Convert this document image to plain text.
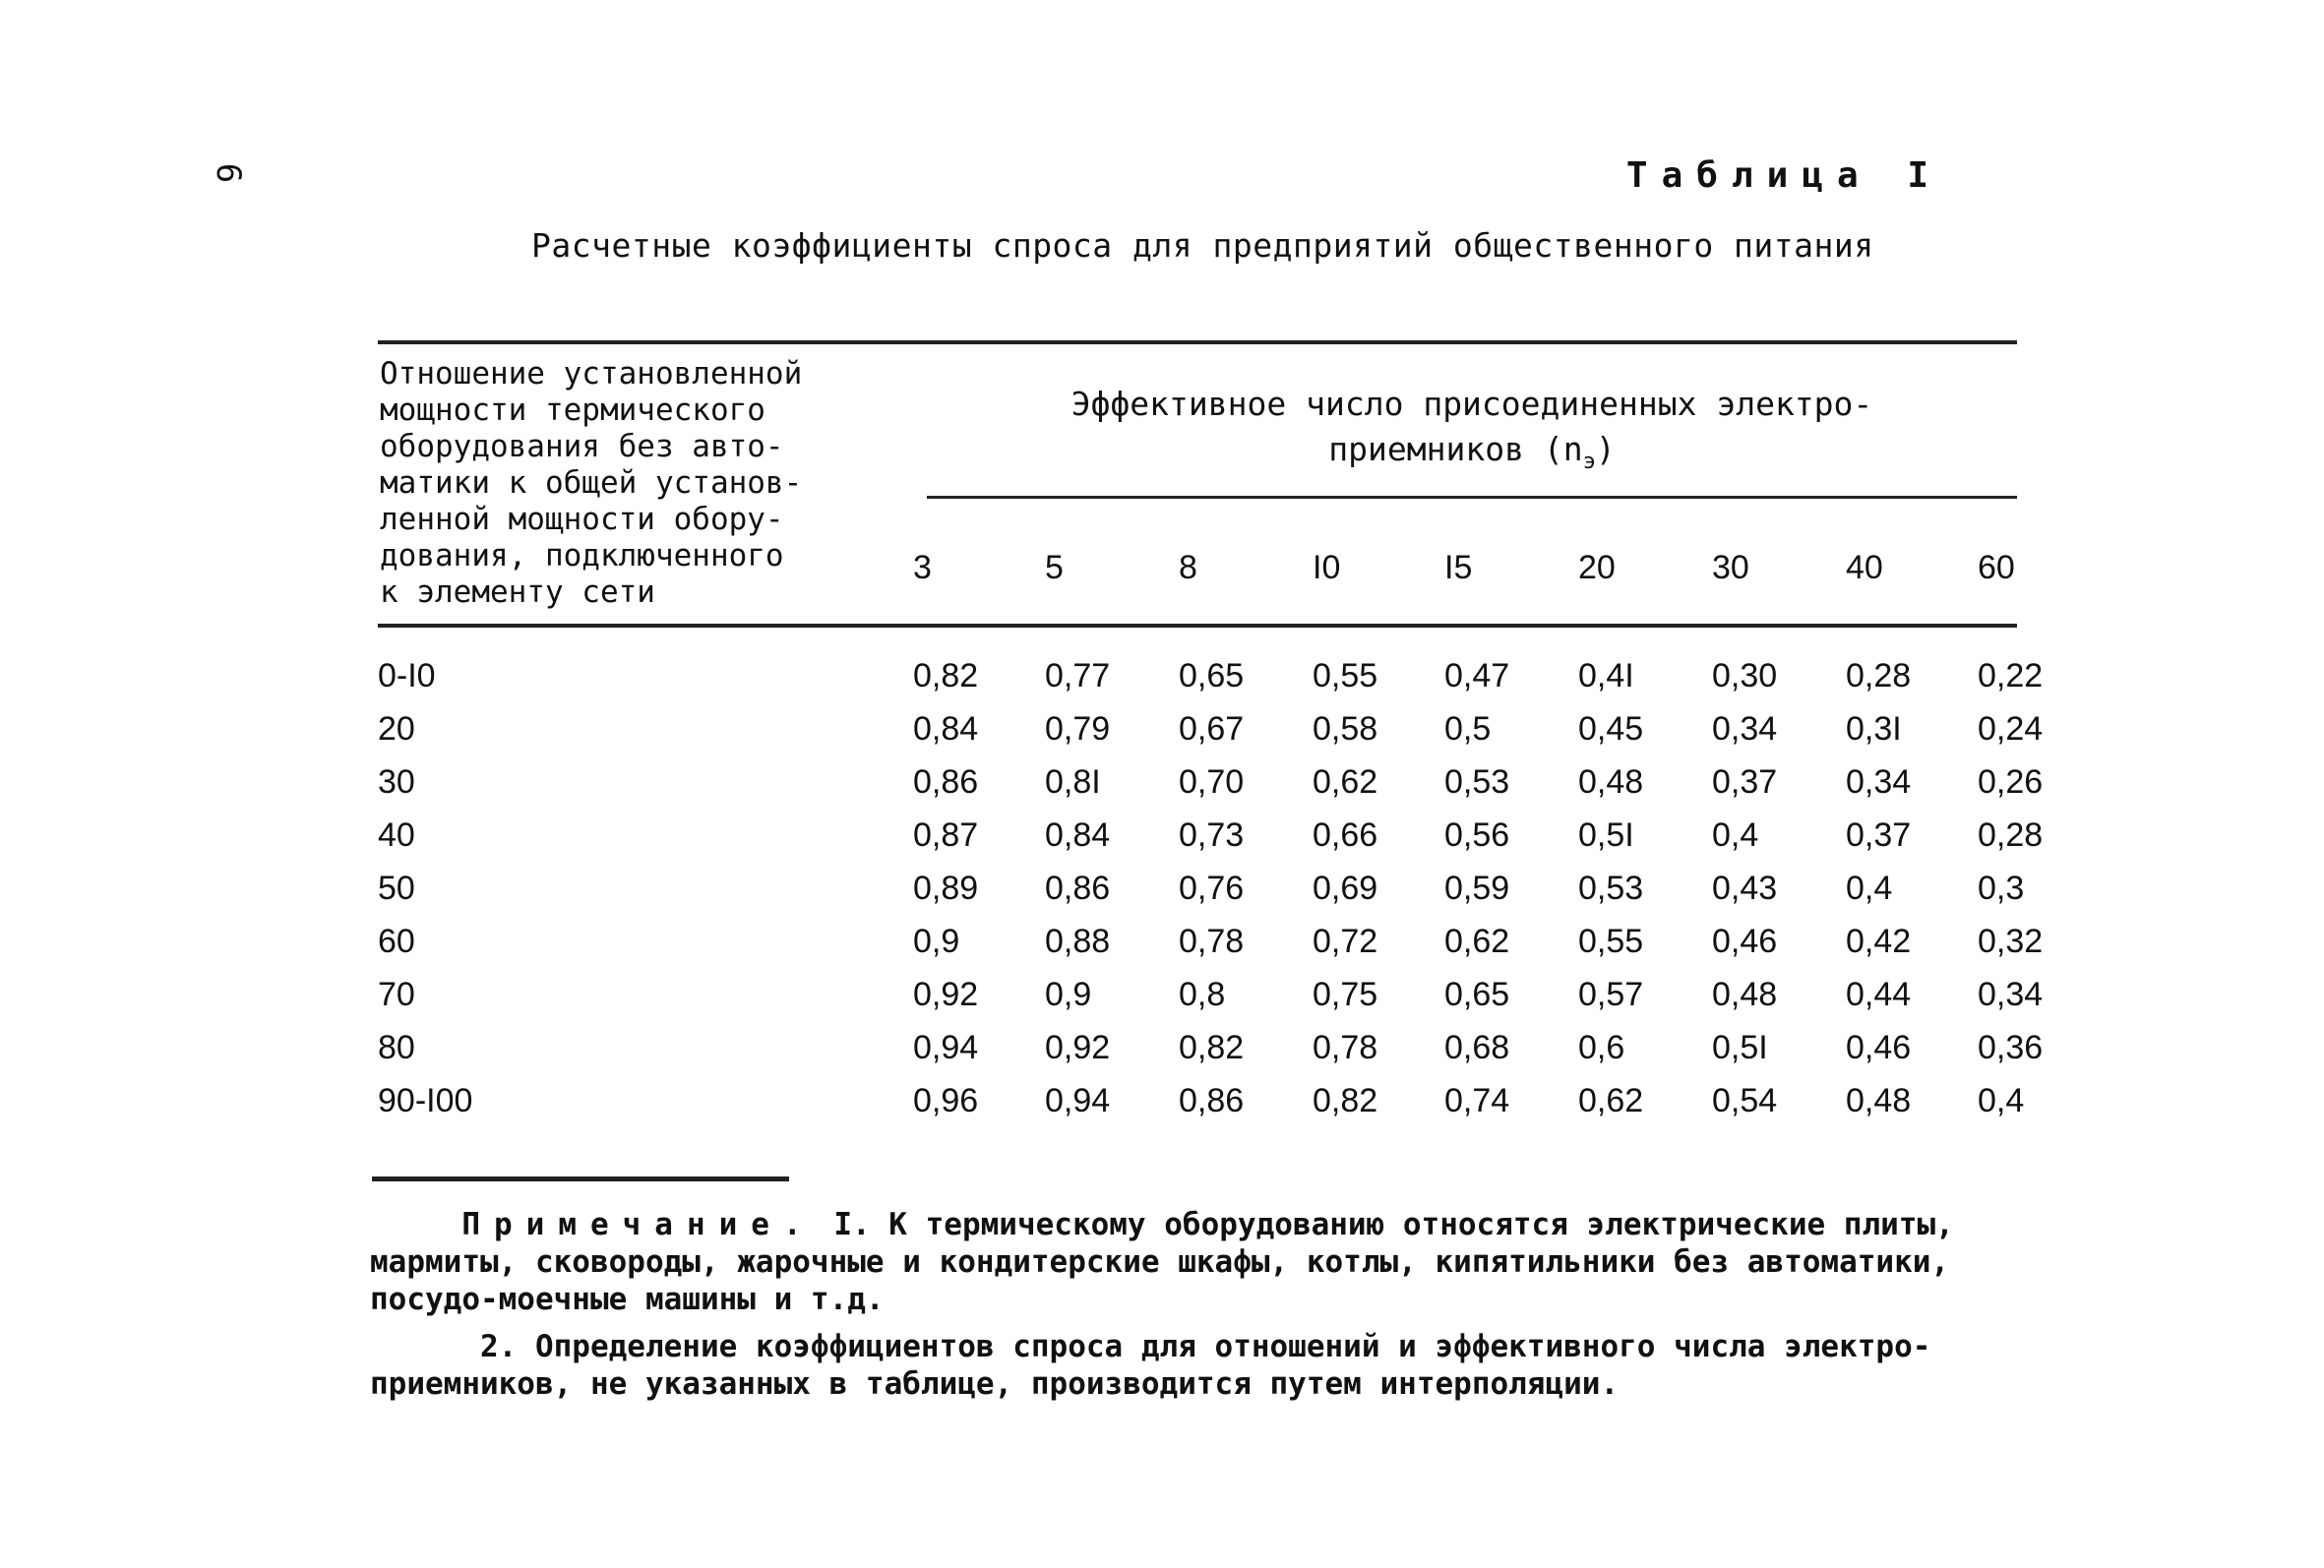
6	Таблица I
Расчетные коэффициенты спроса для предприятий общественного питания
Отношение установленной
мощности термического
оборудования без авто-
матики к общей установ-
ленной мощности обору-
дования, подключенного
к элементу сети
Эффективное число присоединенных электро-
приемников $(n_э)$
3	5	8	I0	I5	20	30	40	60
0-I0	0,82 0,77 0,65 0,55 0,47 0,4I 0,30 0,28 0,22
20	0,84 0,79 0,67 0,58 0,5	0,45 0,34 0,3I 0,24
30	0,86 0,8I 0,70 0,62 0,53 0,48 0,37 0,34 0,26
40	0,87 0,84 0,73 0,66 0,56 0,5I 0,4	0,37 0,28
50	0,89 0,86 0,76 0,69 0,59 0,53 0,43 0,4	0,3
60	0,9	0,88 0,78 0,72 0,62 0,55 0,46 0,42 0,32
70	0,92 0,9	0,8	0,75 0,65 0,57 0,48 0,44 0,34
80	0,94 0,92 0,82 0,78 0,68 0,6	0,5I 0,46 0,36
90-I00	0,96 0,94 0,86 0,82 0,74 0,62 0,54 0,48 0,4
Примечание. I. К термическому оборудованию относятся электрические плиты,
мармиты, сковороды, жарочные и кондитерские шкафы, котлы, кипятильники без автоматики,
посудо-моечные машины и т.д.
2. Определение коэффициентов спроса для отношений и эффективного числа электро-
приемников, не указанных в таблице, производится путем интерполяции.
